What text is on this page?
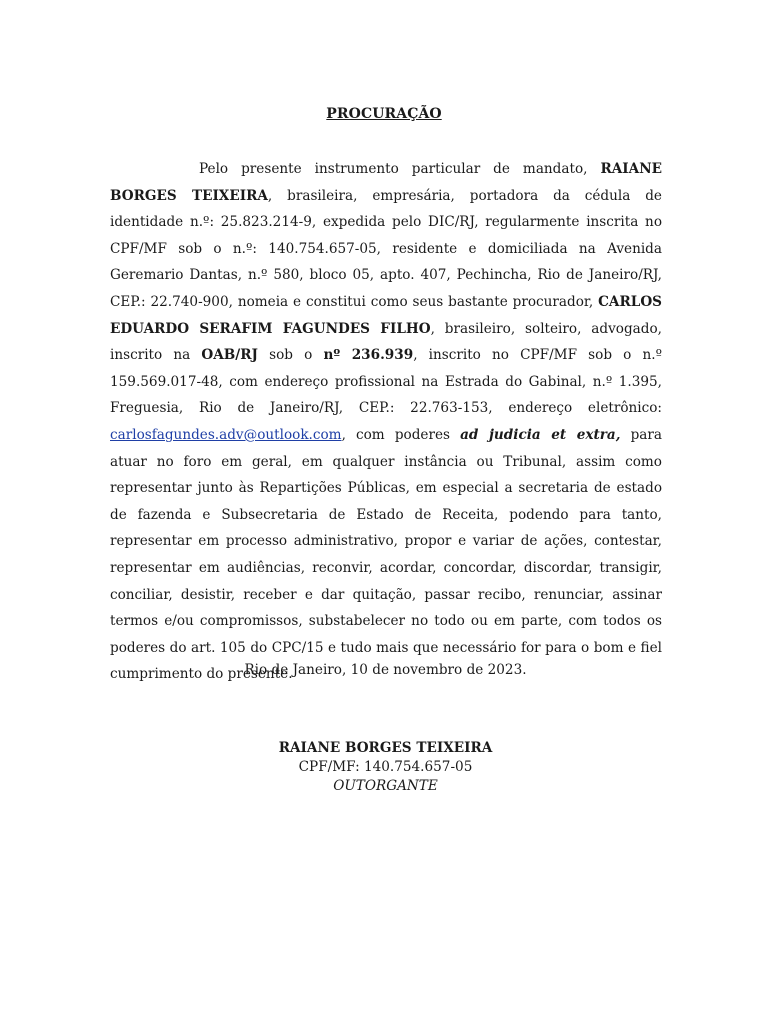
PROCURAÇÃO

Pelo presente instrumento particular de mandato, RAIANE BORGES TEIXEIRA, brasileira, empresária, portadora da cédula de identidade n.º: 25.823.214-9, expedida pelo DIC/RJ, regularmente inscrita no CPF/MF sob o n.º: 140.754.657-05, residente e domiciliada na Avenida Geremario Dantas, n.º 580, bloco 05, apto. 407, Pechincha, Rio de Janeiro/RJ, CEP.: 22.740-900, nomeia e constitui como seus bastante procurador, CARLOS EDUARDO SERAFIM FAGUNDES FILHO, brasileiro, solteiro, advogado, inscrito na OAB/RJ sob o nº 236.939, inscrito no CPF/MF sob o n.º 159.569.017-48, com endereço profissional na Estrada do Gabinal, n.º 1.395, Freguesia, Rio de Janeiro/RJ, CEP.: 22.763-153, endereço eletrônico: carlosfagundes.adv@outlook.com, com poderes ad judicia et extra, para atuar no foro em geral, em qualquer instância ou Tribunal, assim como representar junto às Repartições Públicas, em especial a secretaria de estado de fazenda e Subsecretaria de Estado de Receita, podendo para tanto, representar em processo administrativo, propor e variar de ações, contestar, representar em audiências, reconvir, acordar, concordar, discordar, transigir, conciliar, desistir, receber e dar quitação, passar recibo, renunciar, assinar termos e/ou compromissos, substabelecer no todo ou em parte, com todos os poderes do art. 105 do CPC/15 e tudo mais que necessário for para o bom e fiel cumprimento do presente.

Rio de Janeiro, 10 de novembro de 2023.
RAIANE BORGES TEIXEIRA
CPF/MF: 140.754.657-05
OUTORGANTE
